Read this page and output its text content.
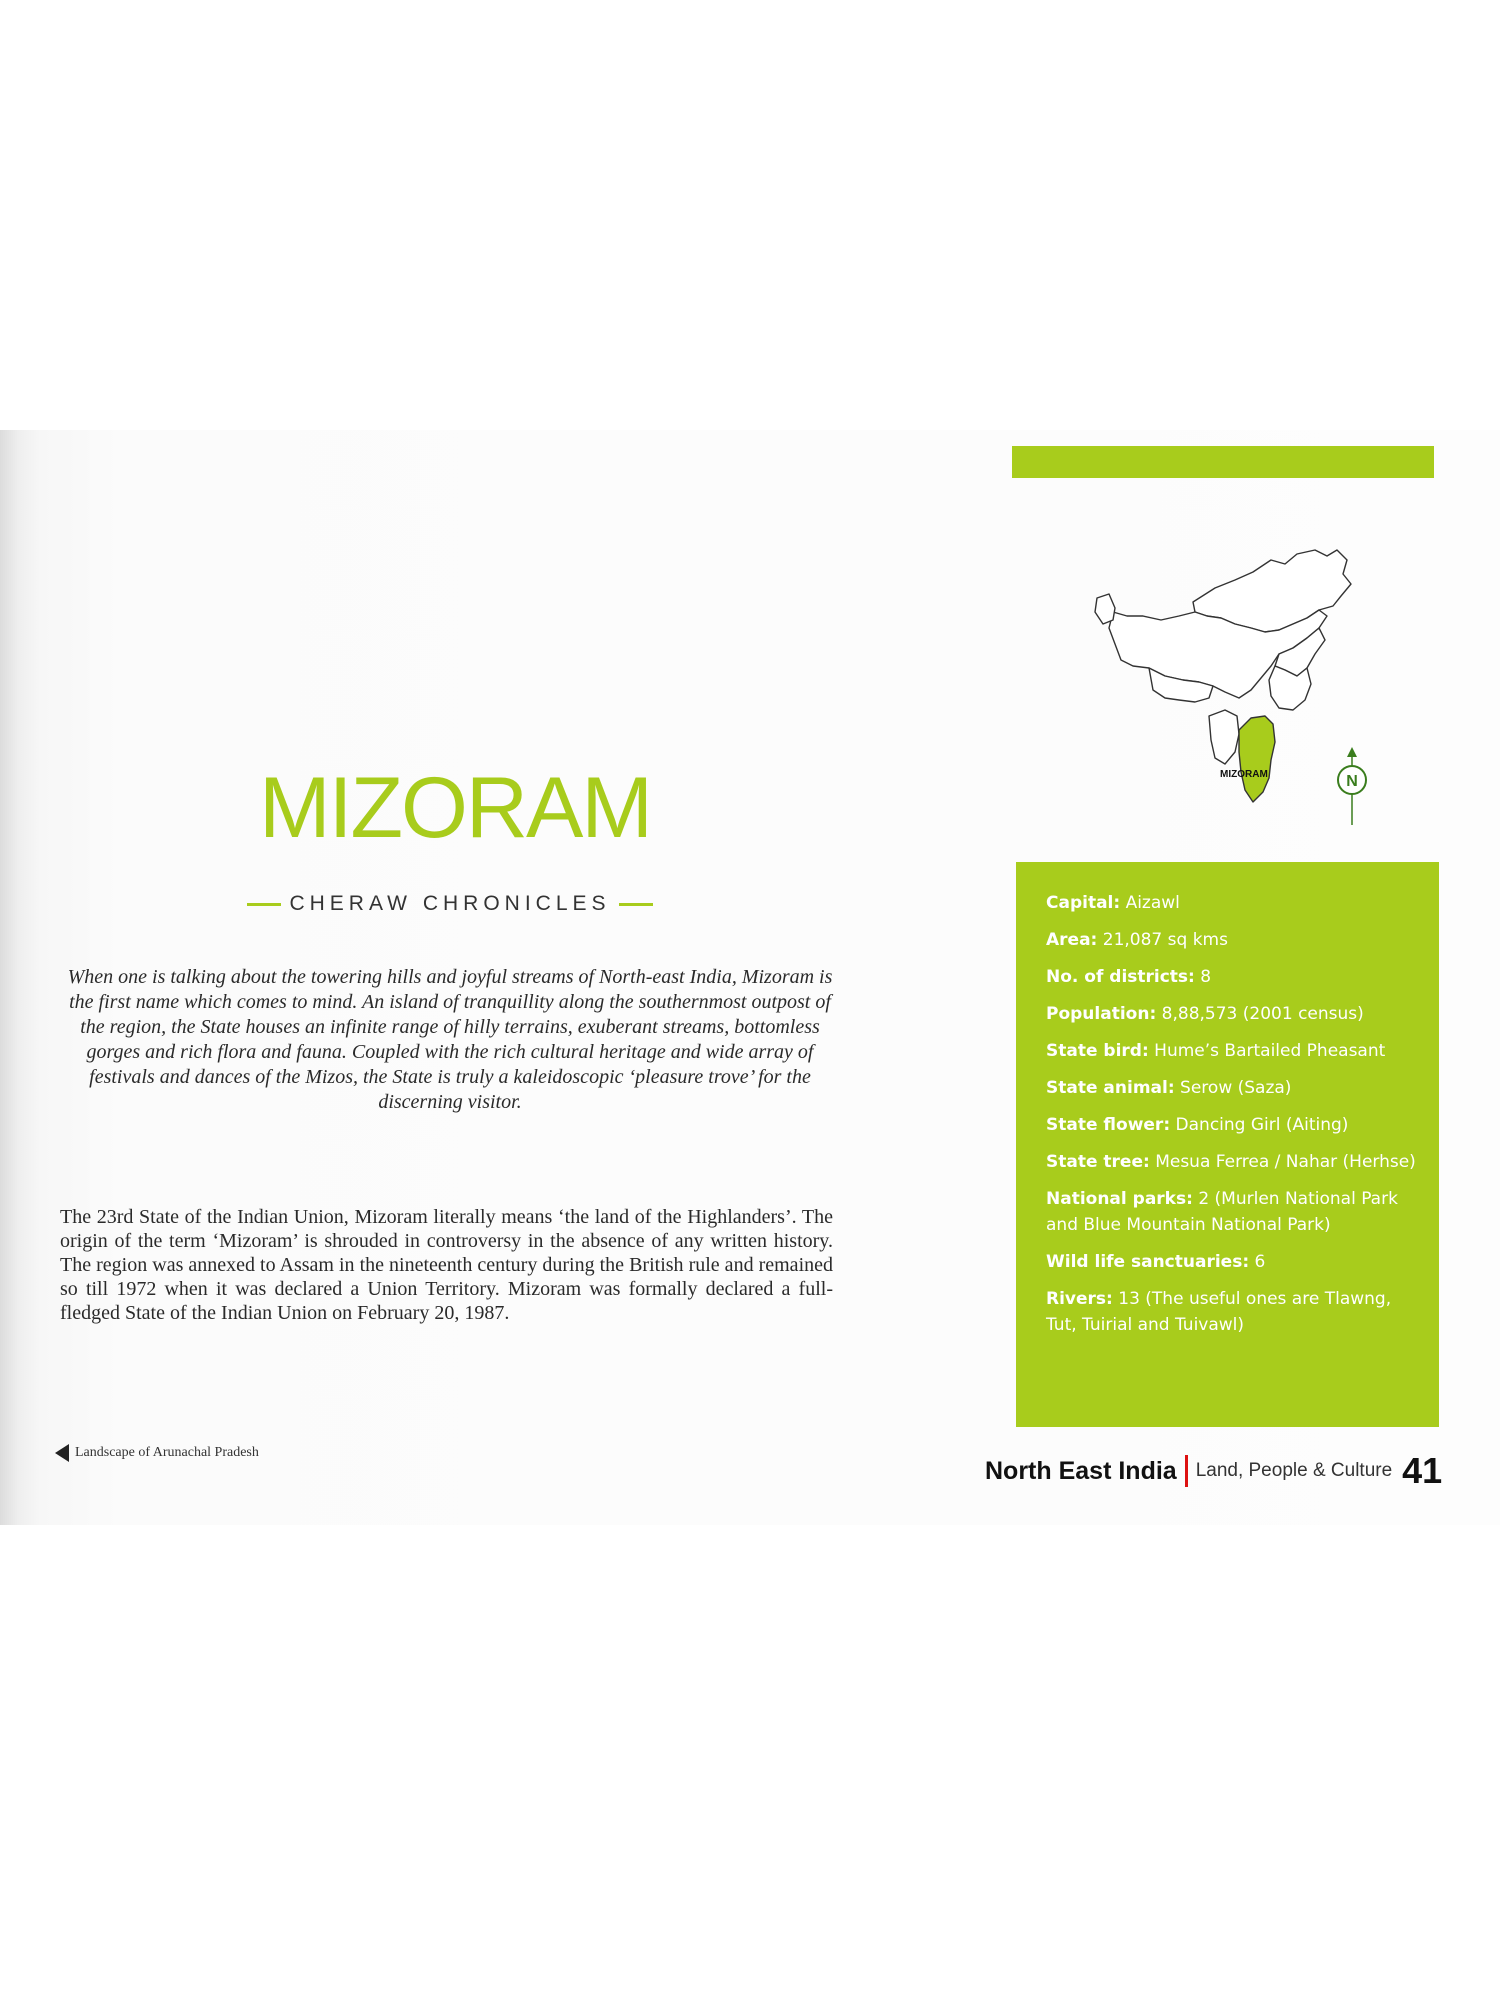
MIZORAM	N
MIZORAM
CHERAW CHRONICLES
When one is talking about the towering hills and joyful streams of North-east India, Mizoram is the first name which comes to mind. An island of tranquillity along the southernmost outpost of the region, the State houses an infinite range of hilly terrains, exuberant streams, bottomless gorges and rich flora and fauna. Coupled with the rich cultural heritage and wide array of festivals and dances of the Mizos, the State is truly a kaleidoscopic ‘pleasure trove’ for the discerning visitor.
The 23rd State of the Indian Union, Mizoram literally means ‘the land of the Highlanders’. The origin of the term ‘Mizoram’ is shrouded in controversy in the absence of any written history. The region was annexed to Assam in the nineteenth century during the British rule and remained so till 1972 when it was declared a Union Territory. Mizoram was formally declared a full-fledged State of the Indian Union on February 20, 1987.
Landscape of Arunachal Pradesh
Capital: Aizawl
Area: 21,087 sq kms
No. of districts: 8
Population: 8,88,573 (2001 census)
State bird: Hume’s Bartailed Pheasant
State animal: Serow (Saza)
State flower: Dancing Girl (Aiting)
State tree: Mesua Ferrea / Nahar (Herhse)
National parks: 2 (Murlen National Park and Blue Mountain National Park)
Wild life sanctuaries: 6
Rivers: 13 (The useful ones are Tlawng, Tut, Tuirial and Tuivawl)
North East India Land, People & Culture 41
